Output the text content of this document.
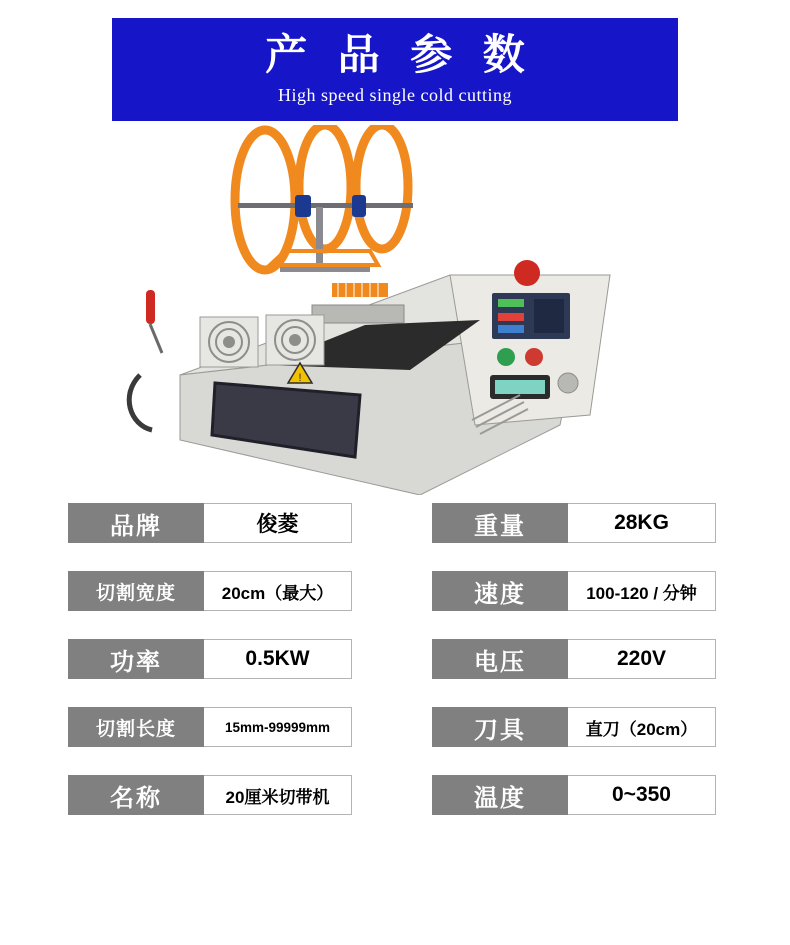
产 品 参 数
High speed single cold cutting
!
品牌	俊菱	重量	28KG
切割宽度	20cm（最大）	速度	100-120 / 分钟
功率	0.5KW	电压	220V
切割长度	15mm-99999mm	刀具	直刀（20cm）
名称	20厘米切带机	温度	0~350
